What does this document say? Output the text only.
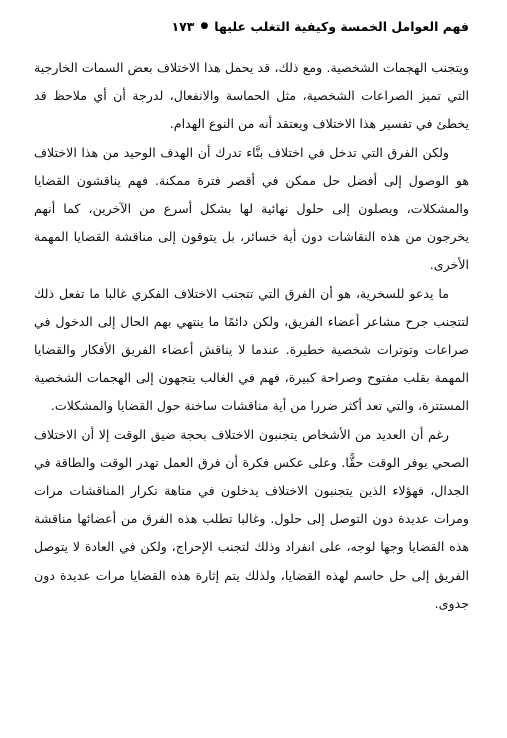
فهم العوامل الخمسة وكيفية التغلب عليها
●
١٧٣

ويتجنب الهجمات الشخصية. ومع ذلك، قد يحمل هذا الاختلاف بعض السمات الخارجية التي تميز الصراعات الشخصية، مثل الحماسة والانفعال، لدرجة أن أي ملاحظ قد يخطئ في تفسير هذا الاختلاف ويعتقد أنه من النوع الهدام.

ولكن الفرق التي تدخل في اختلاف بنَّاء تدرك أن الهدف الوحيد من هذا الاختلاف هو الوصول إلى أفضل حل ممكن في أقصر فترة ممكنة. فهم يناقشون القضايا والمشكلات، ويصلون إلى حلول نهائية لها بشكل أسرع من الآخرين، كما أنهم يخرجون من هذه النقاشات دون أية خسائر، بل يتوقون إلى مناقشة القضايا المهمة الأخرى.

ما يدعو للسخرية، هو أن الفرق التي تتجنب الاختلاف الفكري غالبا ما تفعل ذلك لتتجنب جرح مشاعر أعضاء الفريق، ولكن دائمًا ما ينتهي بهم الحال إلى الدخول في صراعات وتوترات شخصية خطيرة. عندما لا يناقش أعضاء الفريق الأفكار والقضايا المهمة بقلب مفتوح وصراحة كبيرة، فهم في الغالب يتجهون إلى الهجمات الشخصية المستترة، والتي تعد أكثر ضررا من أية مناقشات ساخنة حول القضايا والمشكلات.

رغم أن العديد من الأشخاص يتجنبون الاختلاف بحجة ضيق الوقت إلا أن الاختلاف الصحي يوفر الوقت حقًّا. وعلى عكس فكرة أن فرق العمل تهدر الوقت والطاقة في الجدال، فهؤلاء الذين يتجنبون الاختلاف يدخلون في متاهة تكرار المناقشات مرات ومرات عديدة دون التوصل إلى حلول. وغالبا تطلب هذه الفرق من أعضائها مناقشة هذه القضايا وجها لوجه، على انفراد وذلك لتجنب الإحراج، ولكن في العادة لا يتوصل الفريق إلى حل حاسم لهذه القضايا، ولذلك يتم إثارة هذه القضايا مرات عديدة دون جدوى.
